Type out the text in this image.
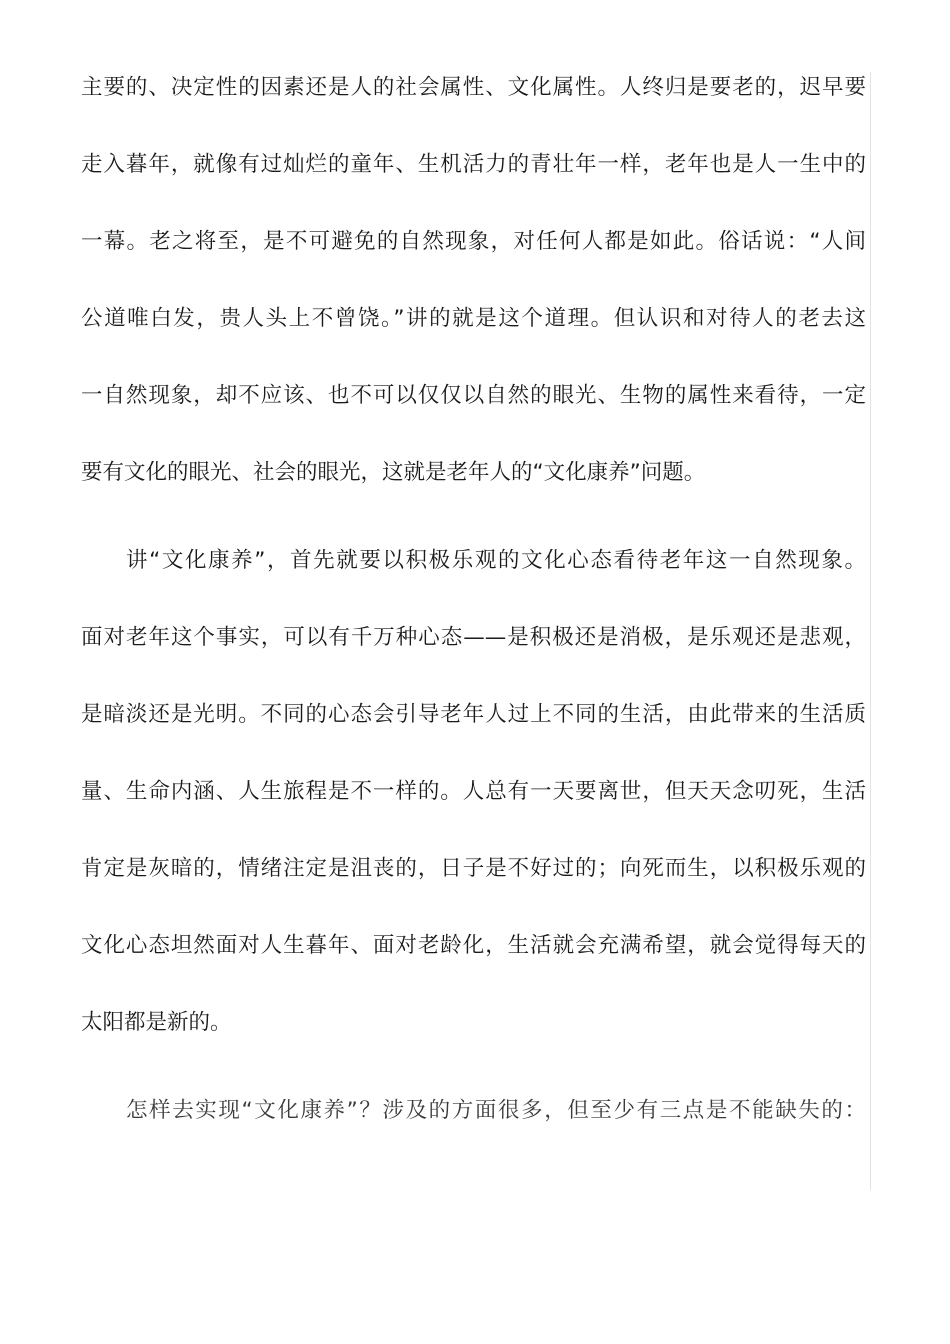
主要的、决定性的因素还是人的社会属性、文化属性。人终归是要老的，迟早要
走入暮年，就像有过灿烂的童年、生机活力的青壮年一样，老年也是人一生中的
一幕。老之将至，是不可避免的自然现象，对任何人都是如此。俗话说：“人间
公道唯白发，贵人头上不曾饶。”讲的就是这个道理。但认识和对待人的老去这
一自然现象，却不应该、也不可以仅仅以自然的眼光、生物的属性来看待，一定
要有文化的眼光、社会的眼光，这就是老年人的“文化康养”问题。
讲“文化康养”，首先就要以积极乐观的文化心态看待老年这一自然现象。
面对老年这个事实，可以有千万种心态——是积极还是消极，是乐观还是悲观，
是暗淡还是光明。不同的心态会引导老年人过上不同的生活，由此带来的生活质
量、生命内涵、人生旅程是不一样的。人总有一天要离世，但天天念叨死，生活
肯定是灰暗的，情绪注定是沮丧的，日子是不好过的；向死而生，以积极乐观的
文化心态坦然面对人生暮年、面对老龄化，生活就会充满希望，就会觉得每天的
太阳都是新的。
怎样去实现“文化康养”？涉及的方面很多，但至少有三点是不能缺失的：
